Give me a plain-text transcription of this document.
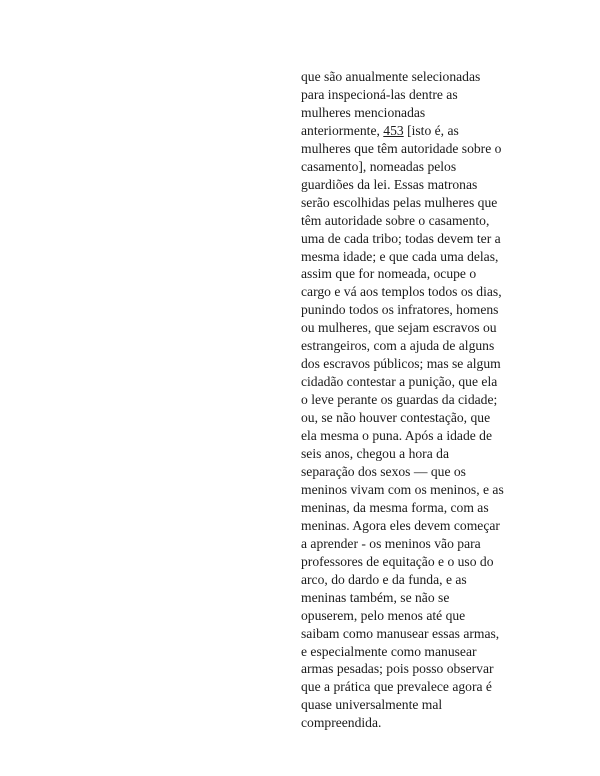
que são anualmente selecionadas
para inspecioná-las dentre as
mulheres mencionadas
anteriormente, 453 [isto é, as
mulheres que têm autoridade sobre o
casamento], nomeadas pelos
guardiões da lei. Essas matronas
serão escolhidas pelas mulheres que
têm autoridade sobre o casamento,
uma de cada tribo; todas devem ter a
mesma idade; e que cada uma delas,
assim que for nomeada, ocupe o
cargo e vá aos templos todos os dias,
punindo todos os infratores, homens
ou mulheres, que sejam escravos ou
estrangeiros, com a ajuda de alguns
dos escravos públicos; mas se algum
cidadão contestar a punição, que ela
o leve perante os guardas da cidade;
ou, se não houver contestação, que
ela mesma o puna. Após a idade de
seis anos, chegou a hora da
separação dos sexos — que os
meninos vivam com os meninos, e as
meninas, da mesma forma, com as
meninas. Agora eles devem começar
a aprender - os meninos vão para
professores de equitação e o uso do
arco, do dardo e da funda, e as
meninas também, se não se
opuserem, pelo menos até que
saibam como manusear essas armas,
e especialmente como manusear
armas pesadas; pois posso observar
que a prática que prevalece agora é
quase universalmente mal
compreendida.
